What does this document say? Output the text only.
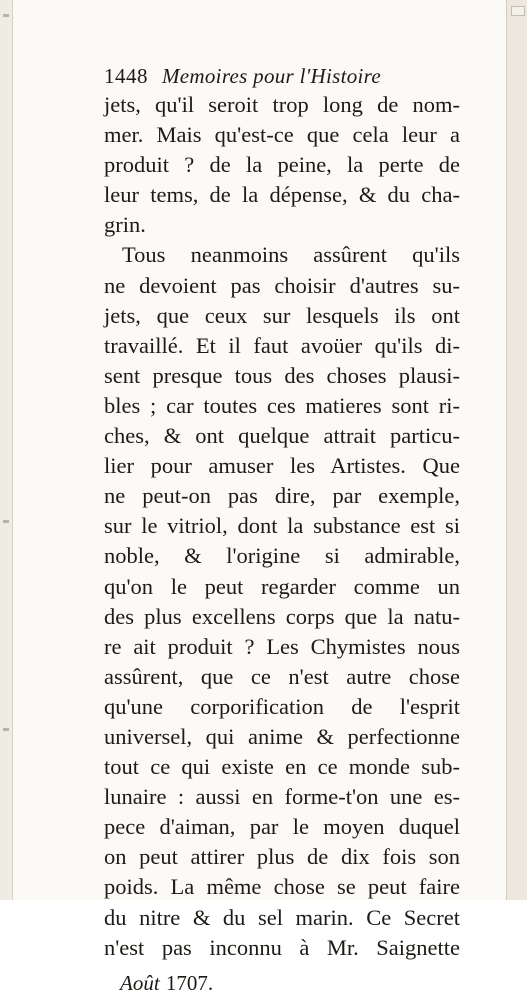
1448 Memoires pour l'Histoire
jets, qu'il seroit trop long de nom-
mer. Mais qu'est-ce que cela leur a
produit ? de la peine, la perte de
leur tems, de la dépense, & du cha-
grin.
Tous neanmoins assûrent qu'ils
ne devoient pas choisir d'autres su-
jets, que ceux sur lesquels ils ont
travaillé. Et il faut avoüer qu'ils di-
sent presque tous des choses plausi-
bles ; car toutes ces matieres sont ri-
ches, & ont quelque attrait particu-
lier pour amuser les Artistes. Que
ne peut-on pas dire, par exemple,
sur le vitriol, dont la substance est si
noble, & l'origine si admirable,
qu'on le peut regarder comme un
des plus excellens corps que la natu-
re ait produit ? Les Chymistes nous
assûrent, que ce n'est autre chose
qu'une corporification de l'esprit
universel, qui anime & perfectionne
tout ce qui existe en ce monde sub-
lunaire : aussi en forme-t'on une es-
pece d'aiman, par le moyen duquel
on peut attirer plus de dix fois son
poids. La même chose se peut faire
du nitre & du sel marin. Ce Secret
n'est pas inconnu à Mr. Saignette
Août 1707.
